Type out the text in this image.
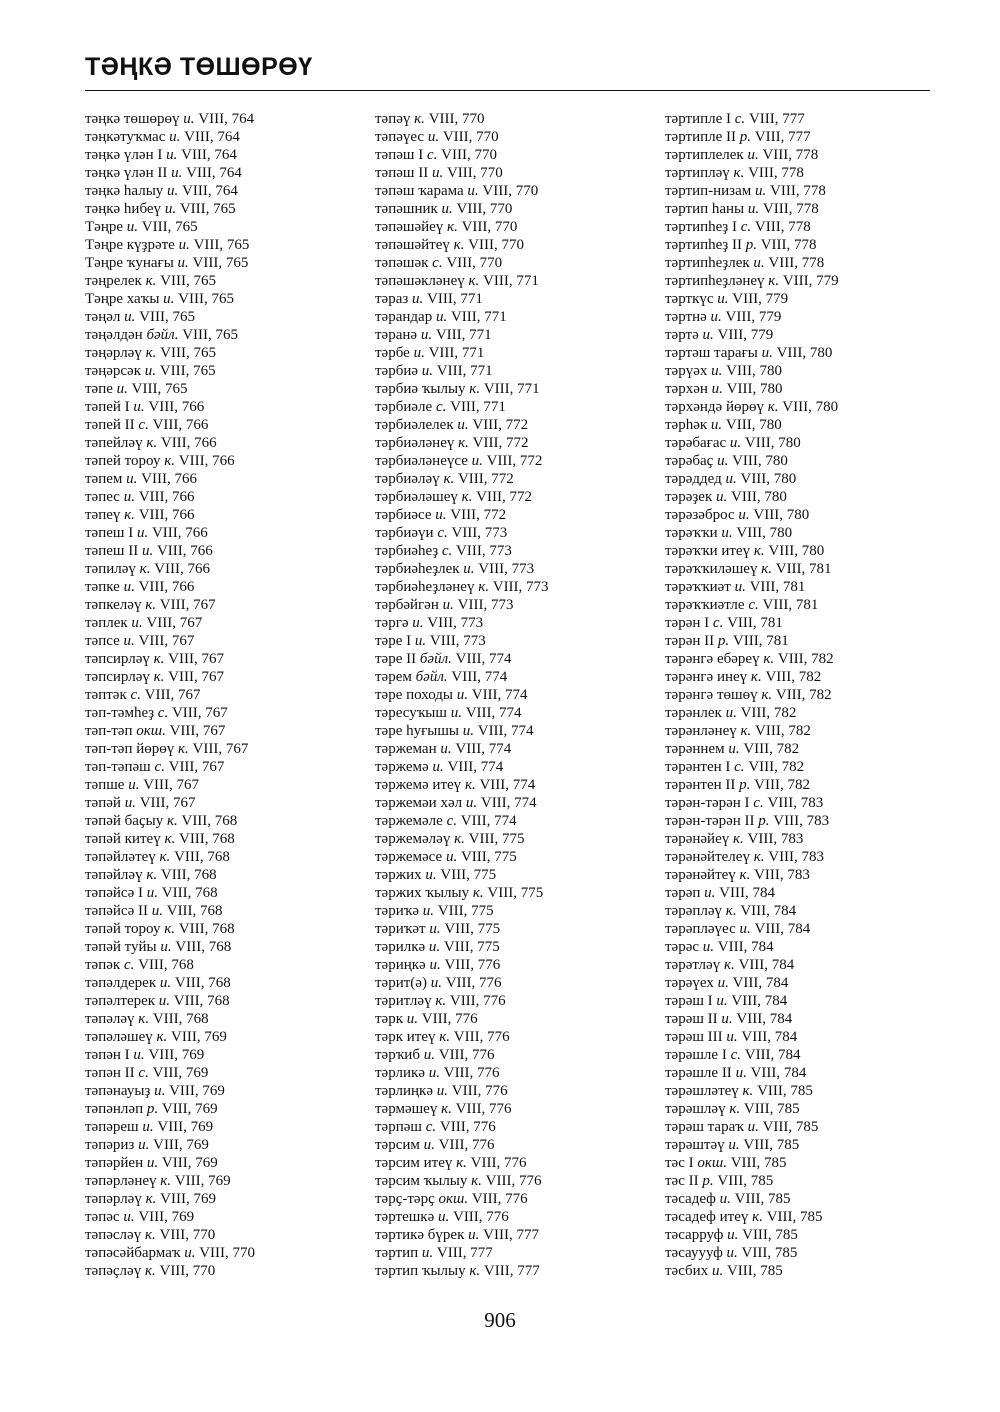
ТӘҢКӘ ТӨШӨРӨҮ
тәңкә төшөрөү и. VIII, 764
тәңкәтуҡмас и. VIII, 764
тәңкә үлән I и. VIII, 764
тәңкә үлән II и. VIII, 764
тәңкә һалыу и. VIII, 764
тәңкә һибеү и. VIII, 765
Тәңре и. VIII, 765
Тәңре күҙрәте и. VIII, 765
Тәңре ҡунағы и. VIII, 765
тәңрелек к. VIII, 765
Тәңре хаҡы и. VIII, 765
тәңәл и. VIII, 765
тәңәлдән бәйл. VIII, 765
тәңәрләү к. VIII, 765
тәңәрсәк и. VIII, 765
тәпе и. VIII, 765
тәпей I и. VIII, 766
тәпей II с. VIII, 766
тәпейләү к. VIII, 766
тәпей тороу к. VIII, 766
тәпем и. VIII, 766
тәпес и. VIII, 766
тәпеү к. VIII, 766
тәпеш I и. VIII, 766
тәпеш II и. VIII, 766
тәпиләү к. VIII, 766
тәпке и. VIII, 766
тәпкеләү к. VIII, 767
тәплек и. VIII, 767
тәпсе и. VIII, 767
тәпсирләү к. VIII, 767
тәпсирләү к. VIII, 767
тәптәк с. VIII, 767
тәп-тәмһеҙ с. VIII, 767
тәп-тәп окш. VIII, 767
тәп-тәп йөрөү к. VIII, 767
тәп-тәпәш с. VIII, 767
тәпше и. VIII, 767
тәпәй и. VIII, 767
тәпәй баҫыу к. VIII, 768
тәпәй китеү к. VIII, 768
тәпәйләтеү к. VIII, 768
тәпәйләү к. VIII, 768
тәпәйсә I и. VIII, 768
тәпәйсә II и. VIII, 768
тәпәй тороу к. VIII, 768
тәпәй туйы и. VIII, 768
тәпәк с. VIII, 768
тәпәлдерек и. VIII, 768
тәпәлтерек и. VIII, 768
тәпәләү к. VIII, 768
тәпәләшеү к. VIII, 769
тәпән I и. VIII, 769
тәпән II с. VIII, 769
тәпәнауыҙ и. VIII, 769
тәпәнләп р. VIII, 769
тәпәреш и. VIII, 769
тәпәриз и. VIII, 769
тәпәрйен и. VIII, 769
тәпәрләнеү к. VIII, 769
тәпәрләү к. VIII, 769
тәпәс и. VIII, 769
тәпәсләү к. VIII, 770
тәпәсәйбармаҡ и. VIII, 770
тәпәҫләү к. VIII, 770
тәпәү к. VIII, 770
тәпәүес и. VIII, 770
тәпәш I с. VIII, 770
тәпәш II и. VIII, 770
тәпәш ҡарама и. VIII, 770
тәпәшник и. VIII, 770
тәпәшәйеү к. VIII, 770
тәпәшәйтеү к. VIII, 770
тәпәшәк с. VIII, 770
тәпәшәкләнеү к. VIII, 771
тәраз и. VIII, 771
тәрандар и. VIII, 771
тәранә и. VIII, 771
тәрбе и. VIII, 771
тәрбиә и. VIII, 771
тәрбиә ҡылыу к. VIII, 771
тәрбиәле с. VIII, 771
тәрбиәлелек и. VIII, 772
тәрбиәләнеү к. VIII, 772
тәрбиәләнеүсе и. VIII, 772
тәрбиәләү к. VIII, 772
тәрбиәләшеү к. VIII, 772
тәрбиәсе и. VIII, 772
тәрбиәүи с. VIII, 773
тәрбиәһеҙ с. VIII, 773
тәрбиәһеҙлек и. VIII, 773
тәрбиәһеҙләнеү к. VIII, 773
тәрбәйгән и. VIII, 773
тәргә и. VIII, 773
тәре I и. VIII, 773
тәре II бәйл. VIII, 774
тәрем бәйл. VIII, 774
тәре походы и. VIII, 774
тәресуҡыш и. VIII, 774
тәре һуғышы и. VIII, 774
тәржеман и. VIII, 774
тәржемә и. VIII, 774
тәржемә итеү к. VIII, 774
тәржемәи хәл и. VIII, 774
тәржемәле с. VIII, 774
тәржемәләү к. VIII, 775
тәржемәсе и. VIII, 775
тәржих и. VIII, 775
тәржих ҡылыу к. VIII, 775
тәриҡә и. VIII, 775
тәриҡәт и. VIII, 775
тәрилкә и. VIII, 775
тәриңкә и. VIII, 776
тәрит(ә) и. VIII, 776
тәритләү к. VIII, 776
тәрк и. VIII, 776
тәрк итеү к. VIII, 776
тәрҡиб и. VIII, 776
тәрликә и. VIII, 776
тәрлиңкә и. VIII, 776
тәрмәшеү к. VIII, 776
тәрпәш с. VIII, 776
тәрсим и. VIII, 776
тәрсим итеү к. VIII, 776
тәрсим ҡылыу к. VIII, 776
тәрҫ-тәрҫ окш. VIII, 776
тәртешкә и. VIII, 776
тәртикә бүрек и. VIII, 777
тәртип и. VIII, 777
тәртип ҡылыу к. VIII, 777
тәртипле I с. VIII, 777
тәртипле II р. VIII, 777
тәртиплелек и. VIII, 778
тәртипләү к. VIII, 778
тәртип-низам и. VIII, 778
тәртип һаны и. VIII, 778
тәртипһеҙ I с. VIII, 778
тәртипһеҙ II р. VIII, 778
тәртипһеҙлек и. VIII, 778
тәртипһеҙләнеү к. VIII, 779
тәрткүс и. VIII, 779
тәртнә и. VIII, 779
тәртә и. VIII, 779
тәртәш тарағы и. VIII, 780
тәрүәх и. VIII, 780
тәрхән и. VIII, 780
тәрхәндә йөрөү к. VIII, 780
тәрһәк и. VIII, 780
тәрәбағас и. VIII, 780
тәрәбаҫ и. VIII, 780
тәрәддед и. VIII, 780
тәрәҙек и. VIII, 780
тәрәзәброс и. VIII, 780
тәрәҡҡи и. VIII, 780
тәрәҡҡи итеү к. VIII, 780
тәрәҡҡиләшеү к. VIII, 781
тәрәҡҡиәт и. VIII, 781
тәрәҡҡиәтле с. VIII, 781
тәрән I с. VIII, 781
тәрән II р. VIII, 781
тәрәнгә ебәреү к. VIII, 782
тәрәнгә инеү к. VIII, 782
тәрәнгә төшөү к. VIII, 782
тәрәнлек и. VIII, 782
тәрәнләнеү к. VIII, 782
тәрәннем и. VIII, 782
тәрәнтен I с. VIII, 782
тәрәнтен II р. VIII, 782
тәрән-тәрән I с. VIII, 783
тәрән-тәрән II р. VIII, 783
тәрәнәйеү к. VIII, 783
тәрәнәйтелеү к. VIII, 783
тәрәнәйтеү к. VIII, 783
тәрәп и. VIII, 784
тәрәпләү к. VIII, 784
тәрәпләүес и. VIII, 784
тәрәс и. VIII, 784
тәрәтләү к. VIII, 784
тәрәүех и. VIII, 784
тәрәш I и. VIII, 784
тәрәш II и. VIII, 784
тәрәш III и. VIII, 784
тәрәшле I с. VIII, 784
тәрәшле II и. VIII, 784
тәрәшләтеү к. VIII, 785
тәрәшләү к. VIII, 785
тәрәш тараҡ и. VIII, 785
тәрәштәү и. VIII, 785
тәс I окш. VIII, 785
тәс II р. VIII, 785
тәсадеф и. VIII, 785
тәсадеф итеү к. VIII, 785
тәсарруф и. VIII, 785
тәсауууф и. VIII, 785
тәсбих и. VIII, 785
906
